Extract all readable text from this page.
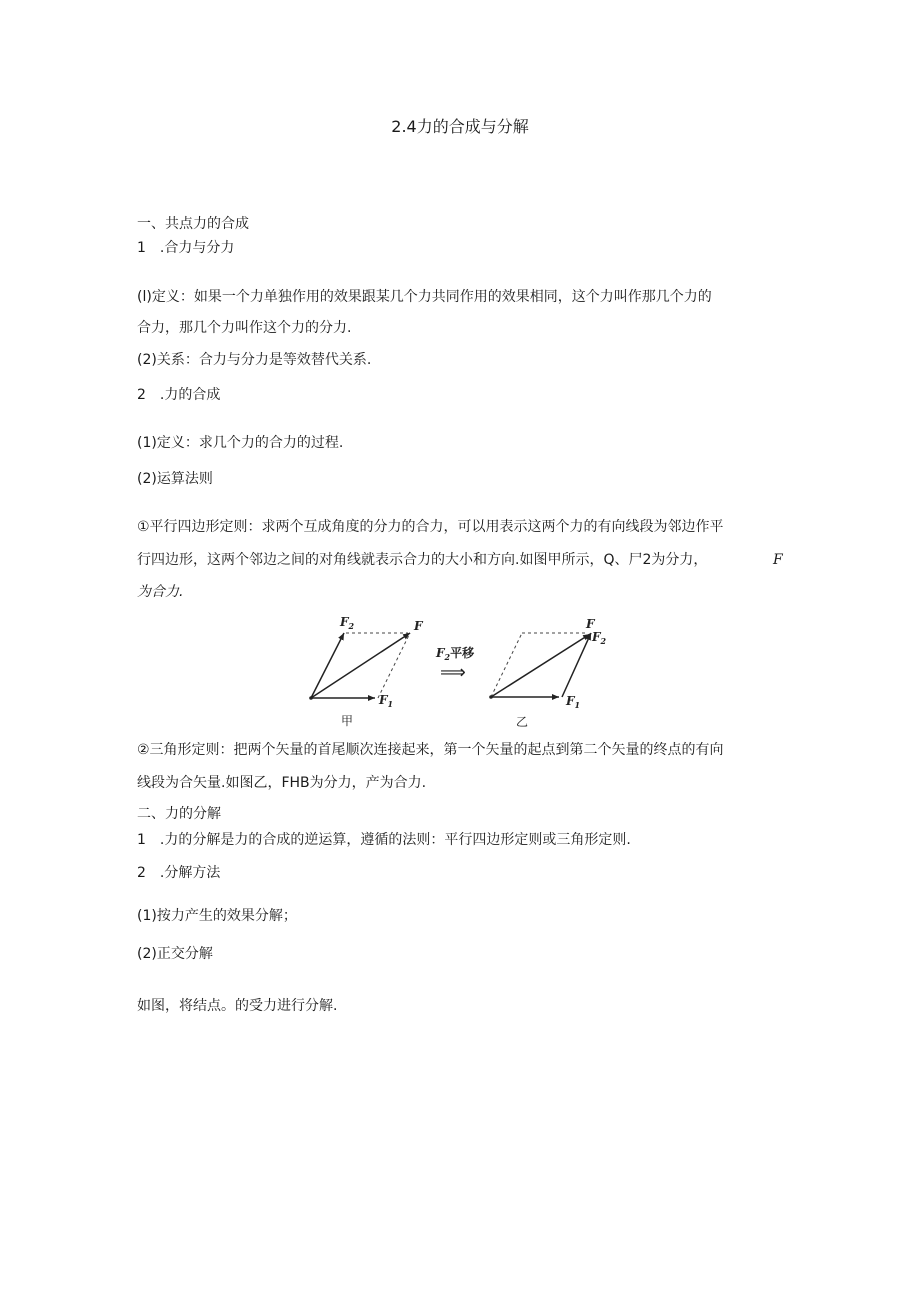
2.4力的合成与分解
一、共点力的合成
1　.合力与分力
(l)定义：如果一个力单独作用的效果跟某几个力共同作用的效果相同，这个力叫作那几个力的
合力，那几个力叫作这个力的分力.
(2)关系：合力与分力是等效替代关系.
2　.力的合成
(1)定义：求几个力的合力的过程.
(2)运算法则
①平行四边形定则：求两个互成角度的分力的合力，可以用表示这两个力的有向线段为邻边作平
行四边形，这两个邻边之间的对角线就表示合力的大小和方向.如图甲所示，Q、尸2为分力，	F
为合力.
$F_2$	F
$F_1$
甲
$F_2$平移
⟹
F
$F_2$
$F_1$
乙
②三角形定则：把两个矢量的首尾顺次连接起来，第一个矢量的起点到第二个矢量的终点的有向
线段为合矢量.如图乙，FHB为分力，产为合力.
二、力的分解
1　.力的分解是力的合成的逆运算，遵循的法则：平行四边形定则或三角形定则.
2　.分解方法
(1)按力产生的效果分解；
(2)正交分解
如图，将结点。的受力进行分解.
